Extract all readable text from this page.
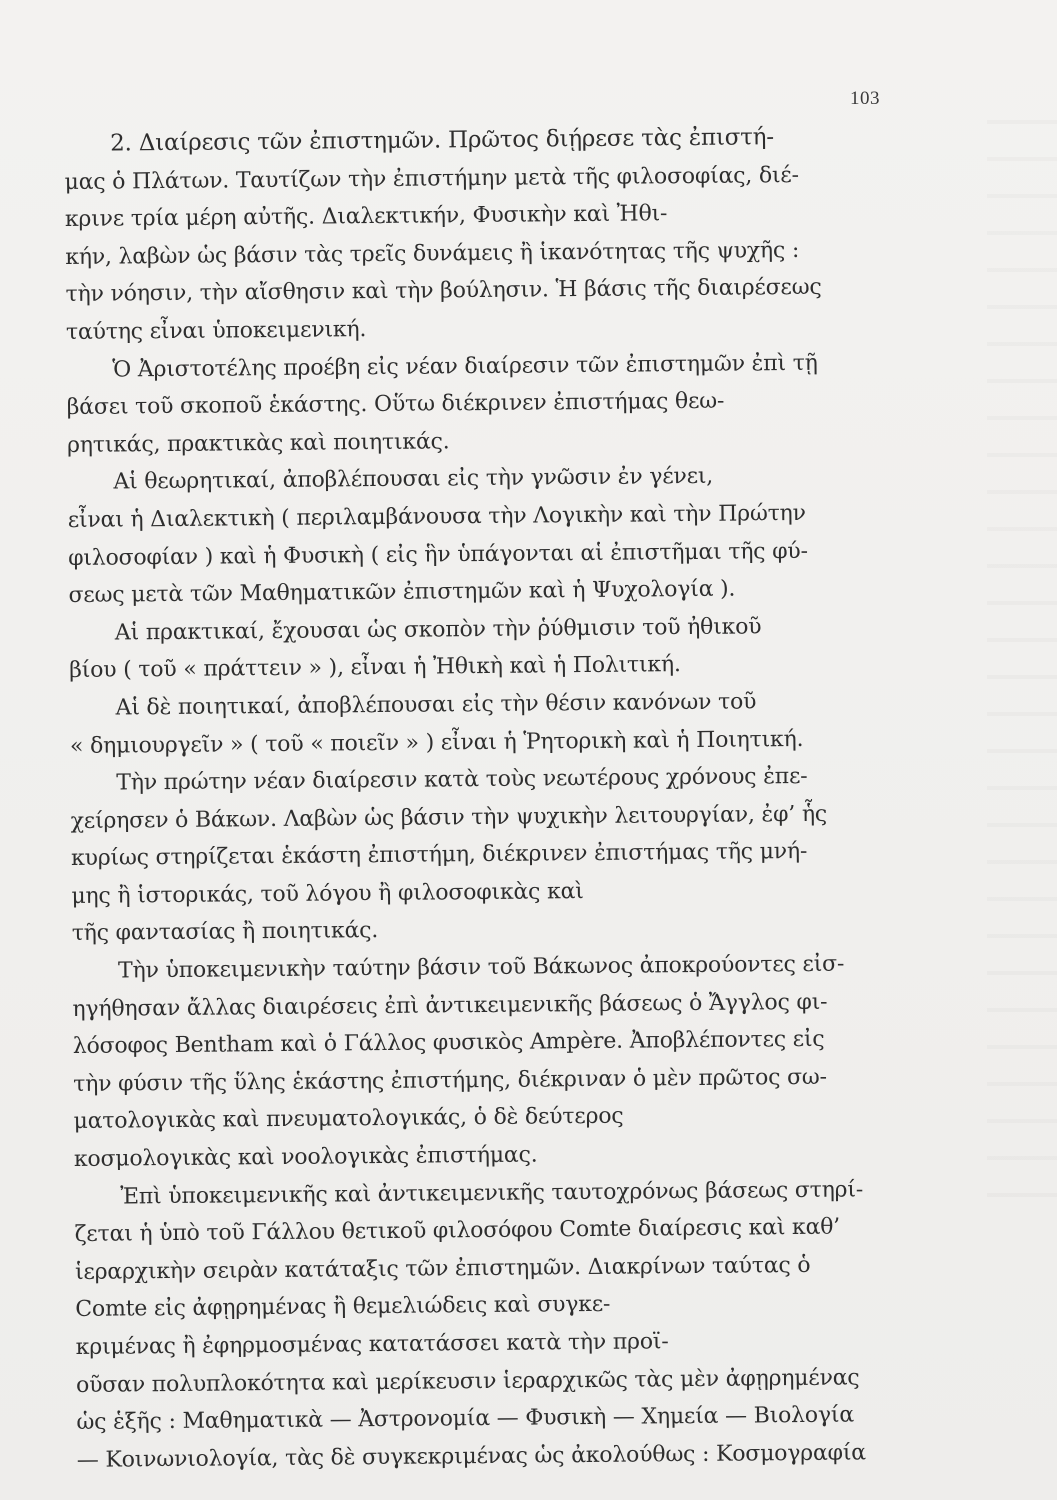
103
2. Διαίρεσις τῶν ἐπιστημῶν. Πρῶτος διῄρεσε τὰς ἐπιστή-
μας ὁ Πλάτων. Ταυτίζων τὴν ἐπιστήμην μετὰ τῆς φιλοσοφίας, διέ-
κρινε τρία μέρη αὐτῆς. Διαλεκτικήν, Φυσικὴν καὶ Ἠθι-
κήν, λαβὼν ὡς βάσιν τὰς τρεῖς δυνάμεις ἢ ἱκανότητας τῆς ψυχῆς :
τὴν νόησιν, τὴν αἴσθησιν καὶ τὴν βούλησιν. Ἡ βάσις τῆς διαιρέσεως
ταύτης εἶναι ὑποκειμενική.
Ὁ Ἀριστοτέλης προέβη εἰς νέαν διαίρεσιν τῶν ἐπιστημῶν ἐπὶ τῇ
βάσει τοῦ σκοποῦ ἑκάστης. Οὕτω διέκρινεν ἐπιστήμας θεω-
ρητικάς, πρακτικὰς καὶ ποιητικάς.
Αἱ θεωρητικαί, ἀποβλέπουσαι εἰς τὴν γνῶσιν ἐν γένει,
εἶναι ἡ Διαλεκτικὴ ( περιλαμβάνουσα τὴν Λογικὴν καὶ τὴν Πρώτην
φιλοσοφίαν ) καὶ ἡ Φυσικὴ ( εἰς ἣν ὑπάγονται αἱ ἐπιστῆμαι τῆς φύ-
σεως μετὰ τῶν Μαθηματικῶν ἐπιστημῶν καὶ ἡ Ψυχολογία ).
Αἱ πρακτικαί, ἔχουσαι ὡς σκοπὸν τὴν ῥύθμισιν τοῦ ἠθικοῦ
βίου ( τοῦ « πράττειν » ), εἶναι ἡ Ἠθικὴ καὶ ἡ Πολιτική.
Αἱ δὲ ποιητικαί, ἀποβλέπουσαι εἰς τὴν θέσιν κανόνων τοῦ
« δημιουργεῖν » ( τοῦ « ποιεῖν » ) εἶναι ἡ Ῥητορικὴ καὶ ἡ Ποιητική.
Τὴν πρώτην νέαν διαίρεσιν κατὰ τοὺς νεωτέρους χρόνους ἐπε-
χείρησεν ὁ Βάκων. Λαβὼν ὡς βάσιν τὴν ψυχικὴν λειτουργίαν, ἐφ’ ἧς
κυρίως στηρίζεται ἑκάστη ἐπιστήμη, διέκρινεν ἐπιστήμας τῆς μνή-
μης ἢ ἱστορικάς, τοῦ λόγου ἢ φιλοσοφικὰς καὶ
τῆς φαντασίας ἢ ποιητικάς.
Τὴν ὑποκειμενικὴν ταύτην βάσιν τοῦ Βάκωνος ἀποκρούοντες εἰσ-
ηγήθησαν ἄλλας διαιρέσεις ἐπὶ ἀντικειμενικῆς βάσεως ὁ Ἄγγλος φι-
λόσοφος Bentham καὶ ὁ Γάλλος φυσικὸς Ampère. Ἀποβλέποντες εἰς
τὴν φύσιν τῆς ὕλης ἑκάστης ἐπιστήμης, διέκριναν ὁ μὲν πρῶτος σω-
ματολογικὰς καὶ πνευματολογικάς, ὁ δὲ δεύτερος
κοσμολογικὰς καὶ νοολογικὰς ἐπιστήμας.
Ἐπὶ ὑποκειμενικῆς καὶ ἀντικειμενικῆς ταυτοχρόνως βάσεως στηρί-
ζεται ἡ ὑπὸ τοῦ Γάλλου θετικοῦ φιλοσόφου Comte διαίρεσις καὶ καθ’
ἱεραρχικὴν σειρὰν κατάταξις τῶν ἐπιστημῶν. Διακρίνων ταύτας ὁ
Comte εἰς ἀφῃρημένας ἢ θεμελιώδεις καὶ συγκε-
κριμένας ἢ ἐφηρμοσμένας κατατάσσει κατὰ τὴν προϊ-
οῦσαν πολυπλοκότητα καὶ μερίκευσιν ἱεραρχικῶς τὰς μὲν ἀφῃρημένας
ὡς ἑξῆς : Μαθηματικὰ — Ἀστρονομία — Φυσικὴ — Χημεία — Βιολογία
— Κοινωνιολογία, τὰς δὲ συγκεκριμένας ὡς ἀκολούθως : Κοσμογραφία
